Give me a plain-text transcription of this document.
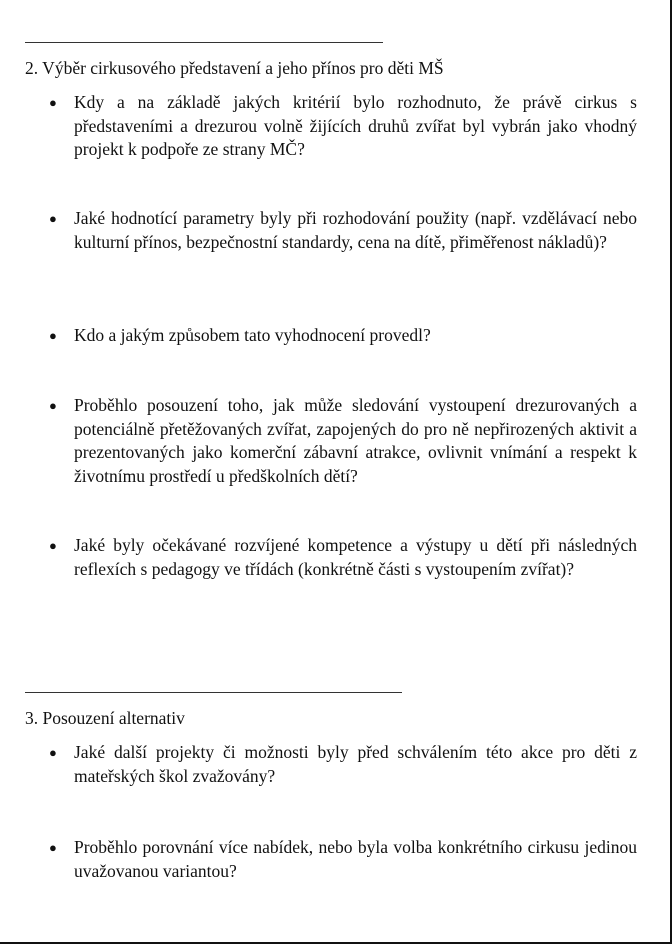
2. Výběr cirkusového představení a jeho přínos pro děti MŠ
● Kdy a na základě jakých kritérií bylo rozhodnuto, že právě cirkus s představeními a drezurou volně žijících druhů zvířat byl vybrán jako vhodný projekt k podpoře ze strany MČ?
● Jaké hodnotící parametry byly při rozhodování použity (např. vzdělávací nebo kulturní přínos, bezpečnostní standardy, cena na dítě, přiměřenost nákladů)?
● Kdo a jakým způsobem tato vyhodnocení provedl?
● Proběhlo posouzení toho, jak může sledování vystoupení drezurovaných a potenciálně přetěžovaných zvířat, zapojených do pro ně nepřirozených aktivit a prezentovaných jako komerční zábavní atrakce, ovlivnit vnímání a respekt k životnímu prostředí u předškolních dětí?
● Jaké byly očekávané rozvíjené kompetence a výstupy u dětí při následných reflexích s pedagogy ve třídách (konkrétně části s vystoupením zvířat)?
3. Posouzení alternativ
● Jaké další projekty či možnosti byly před schválením této akce pro děti z mateřských škol zvažovány?
● Proběhlo porovnání více nabídek, nebo byla volba konkrétního cirkusu jedinou uvažovanou variantou?
